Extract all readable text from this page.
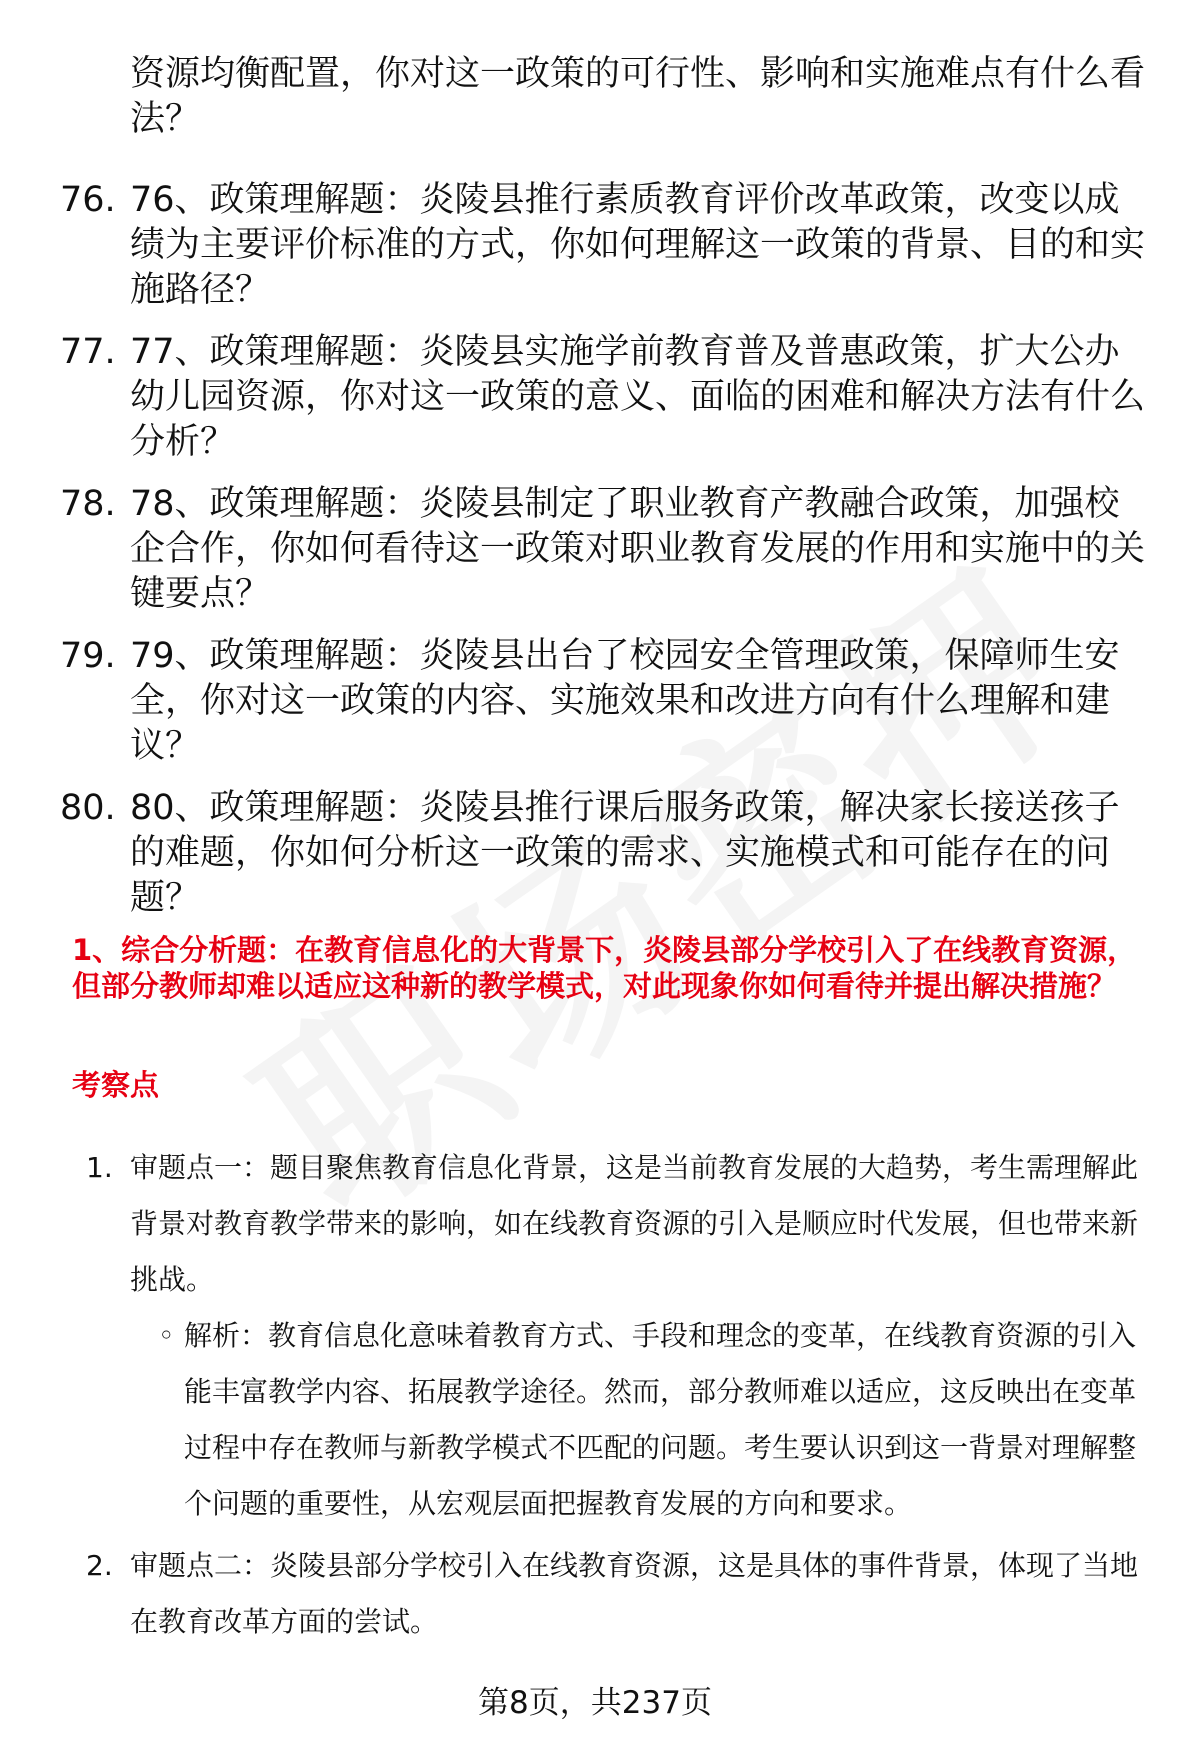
资源均衡配置，你对这一政策的可行性、影响和实施难点有什么看法？
76. 76、政策理解题：炎陵县推行素质教育评价改革政策，改变以成绩为主要评价标准的方式，你如何理解这一政策的背景、目的和实施路径？
77. 77、政策理解题：炎陵县实施学前教育普及普惠政策，扩大公办幼儿园资源，你对这一政策的意义、面临的困难和解决方法有什么分析？
78. 78、政策理解题：炎陵县制定了职业教育产教融合政策，加强校企合作，你如何看待这一政策对职业教育发展的作用和实施中的关键要点？
79. 79、政策理解题：炎陵县出台了校园安全管理政策，保障师生安全，你对这一政策的内容、实施效果和改进方向有什么理解和建议？
80. 80、政策理解题：炎陵县推行课后服务政策，解决家长接送孩子的难题，你如何分析这一政策的需求、实施模式和可能存在的问题？
1、综合分析题：在教育信息化的大背景下，炎陵县部分学校引入了在线教育资源，但部分教师却难以适应这种新的教学模式，对此现象你如何看待并提出解决措施？
考察点
1. 审题点一：题目聚焦教育信息化背景，这是当前教育发展的大趋势，考生需理解此背景对教育教学带来的影响，如在线教育资源的引入是顺应时代发展，但也带来新挑战。
◦ 解析：教育信息化意味着教育方式、手段和理念的变革，在线教育资源的引入能丰富教学内容、拓展教学途径。然而，部分教师难以适应，这反映出在变革过程中存在教师与新教学模式不匹配的问题。考生要认识到这一背景对理解整个问题的重要性，从宏观层面把握教育发展的方向和要求。
2. 审题点二：炎陵县部分学校引入在线教育资源，这是具体的事件背景，体现了当地在教育改革方面的尝试。
第8页，共237页
